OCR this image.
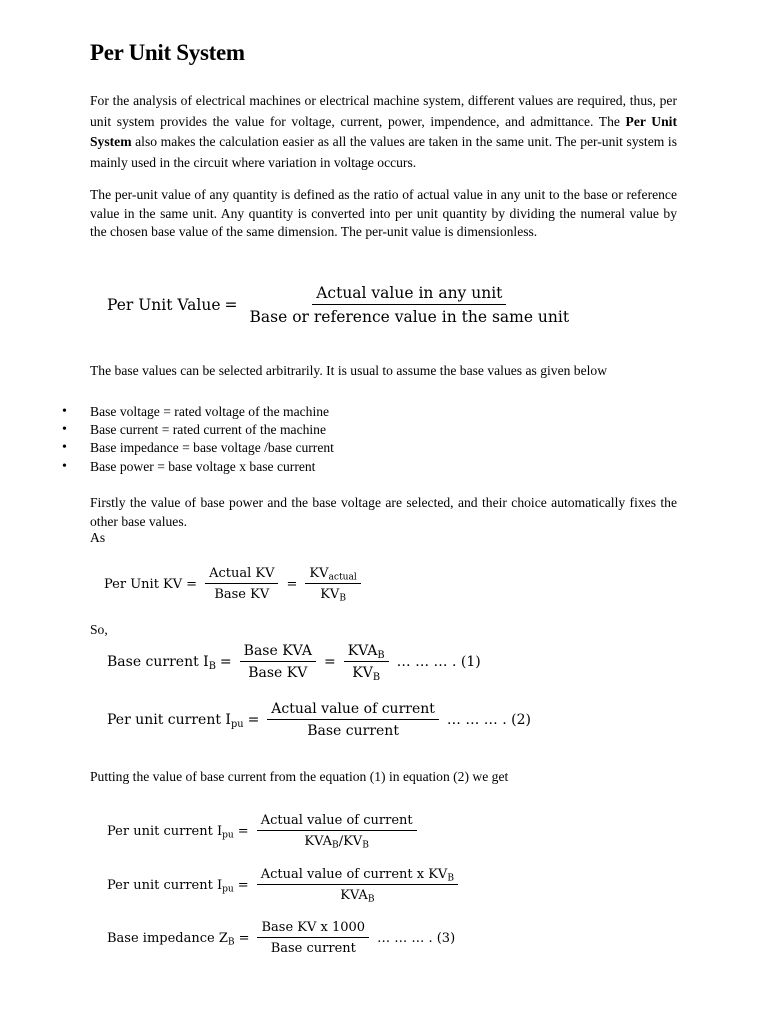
Per Unit System

For the analysis of electrical machines or electrical machine system, different values are required, thus, per unit system provides the value for voltage, current, power, impendence, and admittance. The Per Unit System also makes the calculation easier as all the values are taken in the same unit. The per-unit system is mainly used in the circuit where variation in voltage occurs.

The per-unit value of any quantity is defined as the ratio of actual value in any unit to the base or reference value in the same unit. Any quantity is converted into per unit quantity by dividing the numeral value by the chosen base value of the same dimension. The per-unit value is dimensionless.

Per Unit Value = $\frac{\text{Actual value in any unit}}{\text{Base or reference value in the same unit}}$

The base values can be selected arbitrarily. It is usual to assume the base values as given below

• Base voltage = rated voltage of the machine
• Base current = rated current of the machine
• Base impedance = base voltage /base current
• Base power = base voltage x base current

Firstly the value of base power and the base voltage are selected, and their choice automatically fixes the other base values.

As

Per Unit KV = $\frac{\text{Actual KV}}{\text{Base KV}} = \frac{KV_{actual}}{KV_B}$

So,

Base current $I_B = \frac{\text{Base KVA}}{\text{Base KV}} = \frac{KVA_B}{KV_B}$ … … … . (1)
Per unit current $I_{pu} = \frac{\text{Actual value of current}}{\text{Base current}}$ … … … . (2)

Putting the value of base current from the equation (1) in equation (2) we get

Per unit current $I_{pu} = \frac{\text{Actual value of current}}{KVA_B/KV_B}$
Per unit current $I_{pu} = \frac{Actual value of current x KV_B}{KVA_B}$
Base impedance $Z_B = \frac{\text{Base KV x 1000}}{\text{Base current}}$ … … … . (3)
